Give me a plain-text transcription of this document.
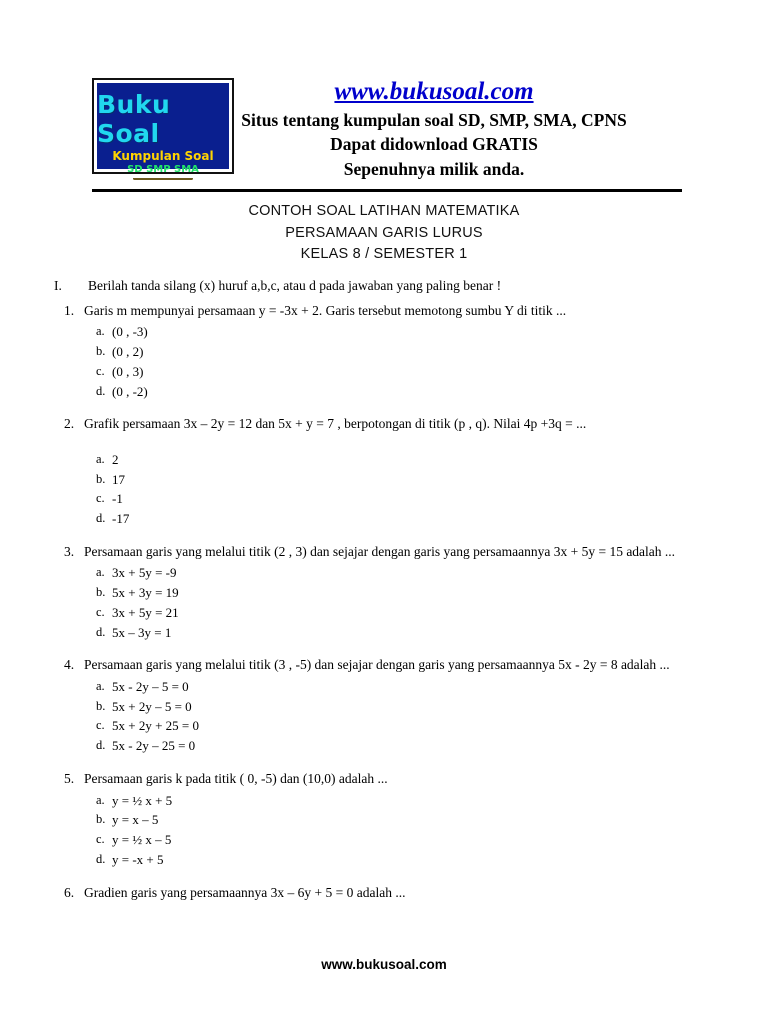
Buku Soal
Kumpulan Soal
SD SMP SMA
www.bukusoal.com
www.bukusoal.com
Situs tentang kumpulan soal SD, SMP, SMA, CPNS
Dapat didownload GRATIS
Sepenuhnya milik anda.
CONTOH SOAL LATIHAN MATEMATIKA
PERSAMAAN GARIS LURUS
KELAS 8 / SEMESTER 1
I.	Berilah tanda silang (x) huruf a,b,c, atau d pada jawaban yang paling benar !
1. Garis m mempunyai persamaan y = -3x + 2. Garis tersebut memotong sumbu Y di titik ...
a. (0 , -3)
b. (0 , 2)
c. (0 , 3)
d. (0 , -2)
2. Grafik persamaan 3x – 2y = 12 dan 5x + y = 7 , berpotongan di titik (p , q). Nilai 4p +3q = ...
a. 2
b. 17
c. -1
d. -17
3. Persamaan garis yang melalui titik (2 , 3) dan sejajar dengan garis yang persamaannya 3x + 5y = 15 adalah ...
a. 3x + 5y = -9
b. 5x + 3y = 19
c. 3x + 5y = 21
d. 5x – 3y = 1
4. Persamaan garis yang melalui titik (3 , -5) dan sejajar dengan garis yang persamaannya 5x - 2y = 8 adalah ...
a. 5x - 2y – 5 = 0
b. 5x + 2y – 5 = 0
c. 5x + 2y + 25 = 0
d. 5x - 2y – 25 = 0
5. Persamaan garis k pada titik ( 0, -5) dan (10,0) adalah ...
a. y = ½ x + 5
b. y = x – 5
c. y = ½ x – 5
d. y = -x + 5
6. Gradien garis yang persamaannya 3x – 6y + 5 = 0 adalah ...
www.bukusoal.com
